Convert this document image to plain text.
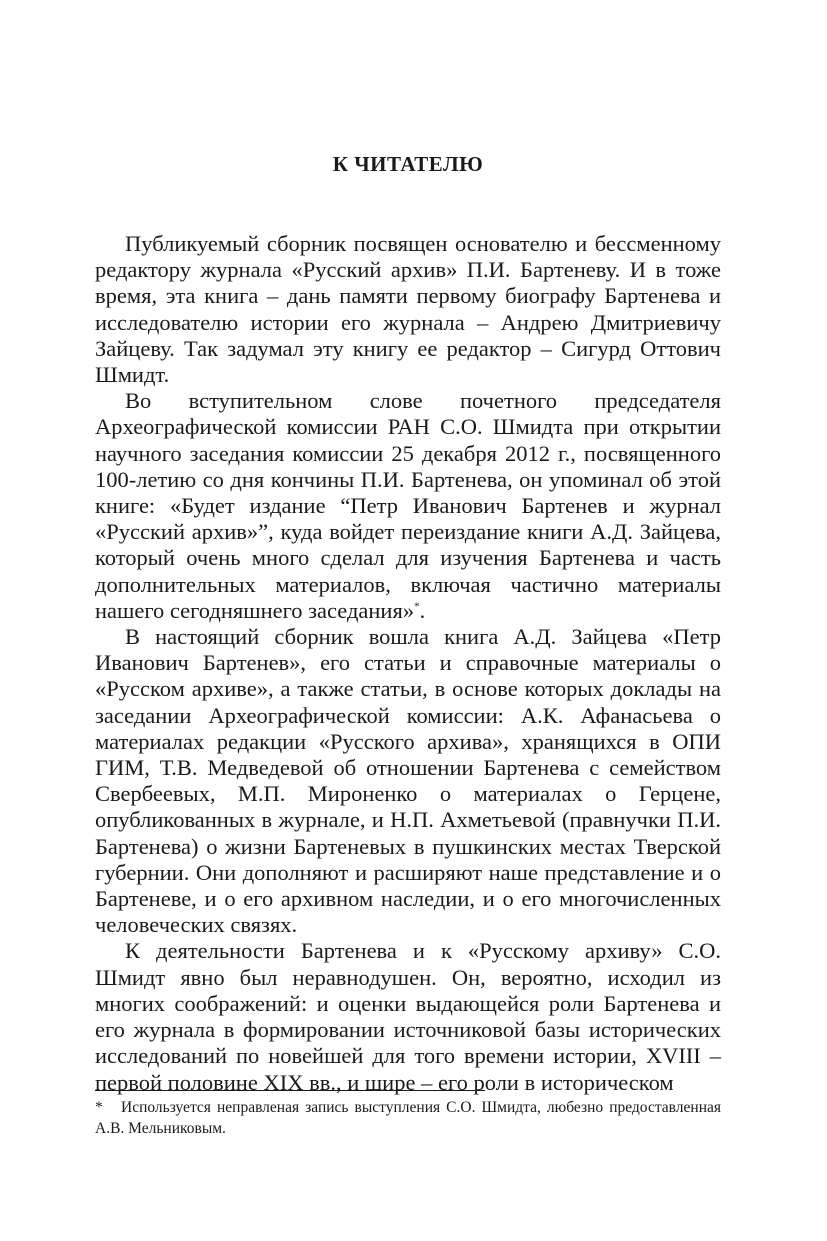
К ЧИТАТЕЛЮ

Публикуемый сборник посвящен основателю и бессменному редактору журнала «Русский архив» П.И. Бартеневу. И в тоже время, эта книга – дань памяти первому биографу Бартенева и исследователю истории его журнала – Андрею Дмитриевичу Зайцеву. Так задумал эту книгу ее редактор – Сигурд Оттович Шмидт.

Во вступительном слове почетного председателя Археографической комиссии РАН С.О. Шмидта при открытии научного заседания комиссии 25 декабря 2012 г., посвященного 100-летию со дня кончины П.И. Бартенева, он упоминал об этой книге: «Будет издание “Петр Иванович Бартенев и журнал «Русский архив»”, куда войдет переиздание книги А.Д. Зайцева, который очень много сделал для изучения Бартенева и часть дополнительных материалов, включая частично материалы нашего сегодняшнего заседания»*.

В настоящий сборник вошла книга А.Д. Зайцева «Петр Иванович Бартенев», его статьи и справочные материалы о «Русском архиве», а также статьи, в основе которых доклады на заседании Археографической комиссии: А.К. Афанасьева о материалах редакции «Русского архива», хранящихся в ОПИ ГИМ, Т.В. Медведевой об отношении Бартенева с семейством Свербеевых, М.П. Мироненко о материалах о Герцене, опубликованных в журнале, и Н.П. Ахметьевой (правнучки П.И. Бартенева) о жизни Бартеневых в пушкинских местах Тверской губернии. Они дополняют и расширяют наше представление и о Бартеневе, и о его архивном наследии, и о его многочисленных человеческих связях.

К деятельности Бартенева и к «Русскому архиву» С.О. Шмидт явно был неравнодушен. Он, вероятно, исходил из многих соображений: и оценки выдающейся роли Бартенева и его журнала в формировании источниковой базы исторических исследований по новейшей для того времени истории, XVIII – первой половине XIX вв., и шире – его роли в историческом

* Используется неправленая запись выступления С.О. Шмидта, любезно предоставленная А.В. Мельниковым.
